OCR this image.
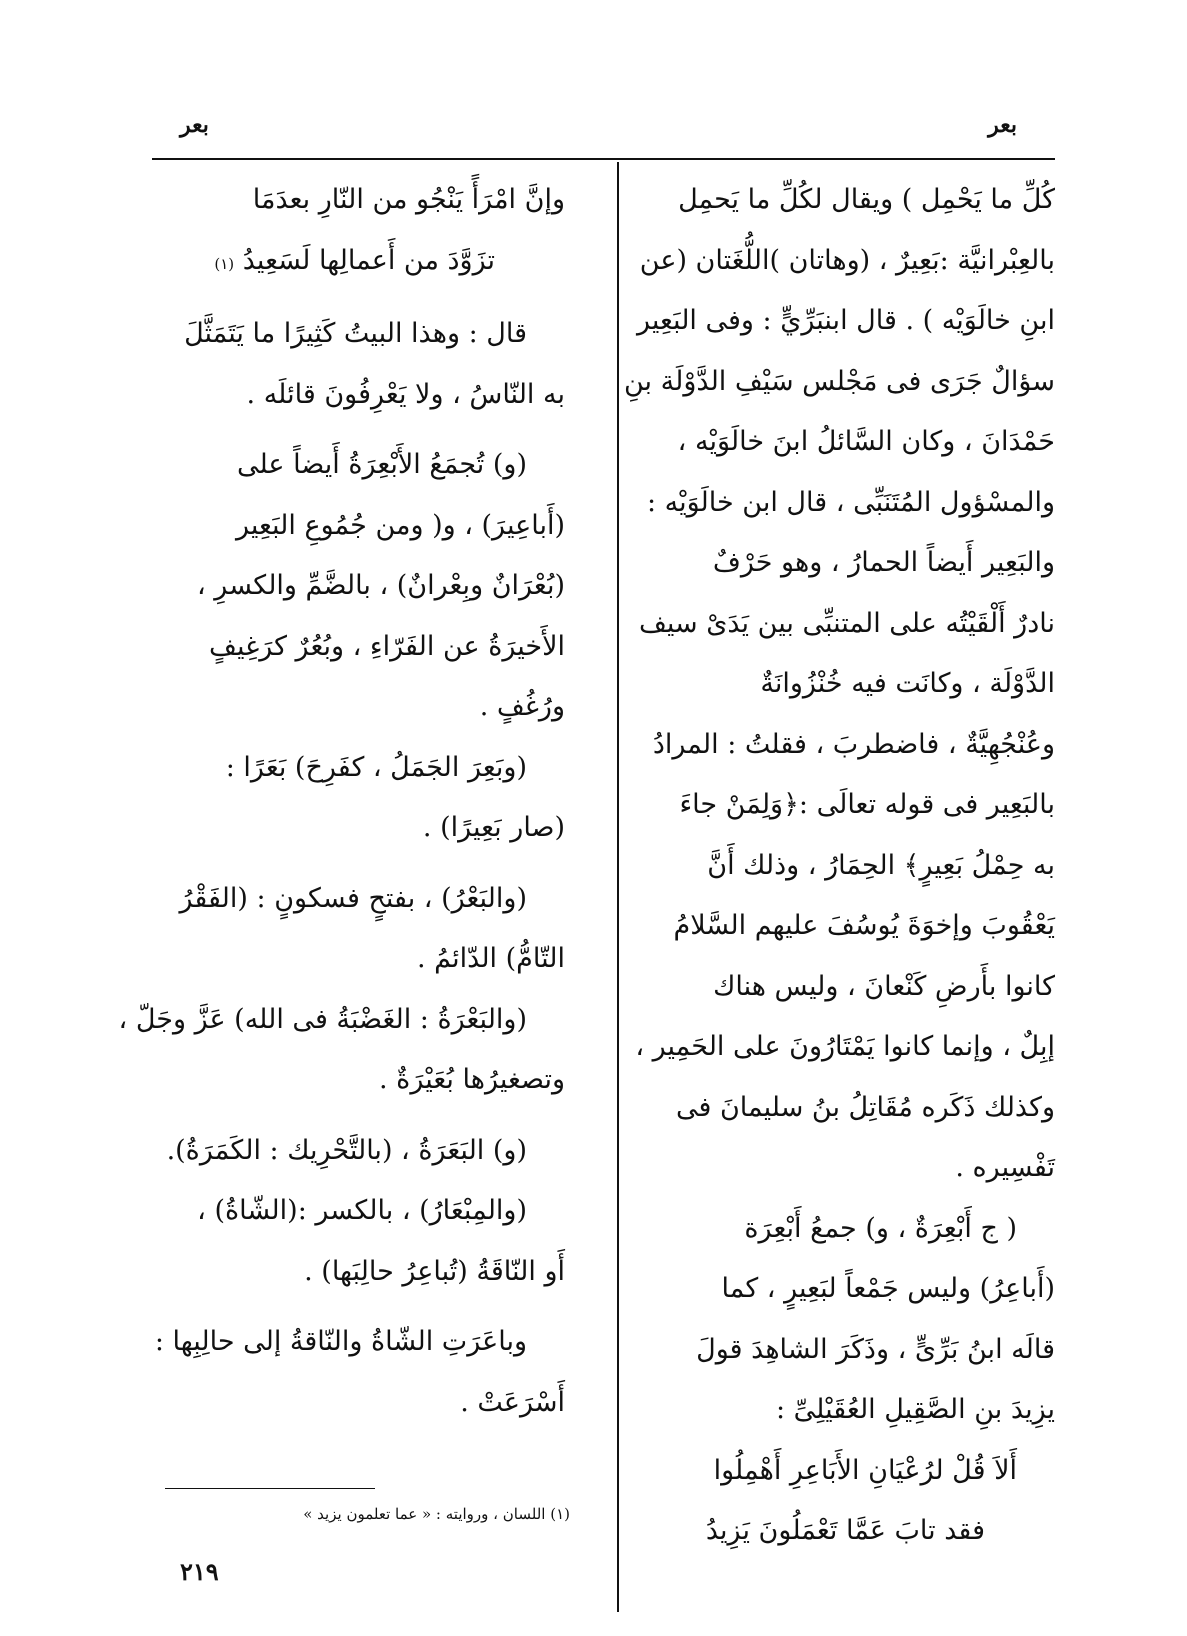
بعر
بعر

كُلِّ ما يَحْمِل ) ويقال لكُلِّ ما يَحمِل
بالعِبْرانيَّة :بَعِيرٌ ، (وهاتان )اللُّغَتان (عن
ابنِ خالَوَيْه ) . قال ابنبَرِّيٍّ : وفى البَعِير
سؤالٌ جَرَى فى مَجْلس سَيْفِ الدَّوْلَة بنِ
حَمْدَانَ ، وكان السَّائلُ ابنَ خالَوَيْه ،
والمسْؤول المُتَنَبِّى ، قال ابن خالَوَيْه :
والبَعِير أَيضاً الحمارُ ، وهو حَرْفٌ
نادرٌ أَلْقَيْتُه على المتنبِّى بين يَدَىْ سيف
الدَّوْلَة ، وكانَت فيه خُنْزُوانَةٌ
وعُنْجُهِيَّةٌ ، فاضطربَ ، فقلتُ : المرادُ
بالبَعِير فى قوله تعالَى :﴿وَلِمَنْ جاءَ
به حِمْلُ بَعِيرٍ﴾ الحِمَارُ ، وذلك أَنَّ
يَعْقُوبَ وإخوَةَ يُوسُفَ عليهم السَّلامُ
كانوا بأَرضِ كَنْعانَ ، وليس هناك
إبِلٌ ، وإنما كانوا يَمْتَارُونَ على الحَمِير ،
وكذلك ذَكَره مُقَاتِلُ بنُ سليمانَ فى
تَفْسِيره .

( ج أَبْعِرَةٌ ، و) جمعُ أَبْعِرَة
(أَباعِرُ) وليس جَمْعاً لبَعِيرٍ ، كما
قالَه ابنُ بَرِّىٍّ ، وذَكَرَ الشاهِدَ قولَ
يزِيدَ بنِ الصَّقِيلِ العُقَيْلِىِّ :

أَلاَ قُلْ لرُعْيَانِ الأَبَاعِرِ أَهْمِلُوا
فقد تابَ عَمَّا تَعْمَلُونَ يَزِيدُ

وإنَّ امْرَأً يَنْجُو من النّارِ بعدَمَا
تزَوَّدَ من أَعمالِها لَسَعِيدُ (١)

قال : وهذا البيتُ كَثِيرًا ما يَتَمَثَّلَ
به النّاسُ ، ولا يَعْرِفُونَ قائلَه .

(و) تُجمَعُ الأَبْعِرَةُ أَيضاً على
(أَباعِيرَ) ، و( ومن جُمُوعِ البَعِير
(بُعْرَانٌ وبِعْرانٌ) ، بالضَّمِّ والكسرِ ،
الأَخيرَةُ عن الفَرّاءِ ، وبُعُرٌ كرَغِيفٍ
ورُغُفٍ .

(وبَعِرَ الجَمَلُ ، كفَرِحَ) بَعَرًا :
(صار بَعِيرًا) .

(والبَعْرُ) ، بفتحٍ فسكونٍ : (الفَقْرُ
التّامُّ) الدّائمُ .

(والبَعْرَةُ : الغَضْبَةُ فى الله) عَزَّ وجَلّ ،
وتصغيرُها بُعَيْرَةٌ .

(و) البَعَرَةُ ، (بالتَّحْرِيك : الكَمَرَةُ).

(والمِبْعَارُ) ، بالكسر :(الشّاةُ) ،
أَو النّاقَةُ (تُباعِرُ حالِبَها) .

وباعَرَتِ الشّاةُ والنّاقةُ إلى حالِبِها :
أَسْرَعَتْ .

(١) اللسان ، وروايته : « عما تعلمون يزيد »
٢١٩
